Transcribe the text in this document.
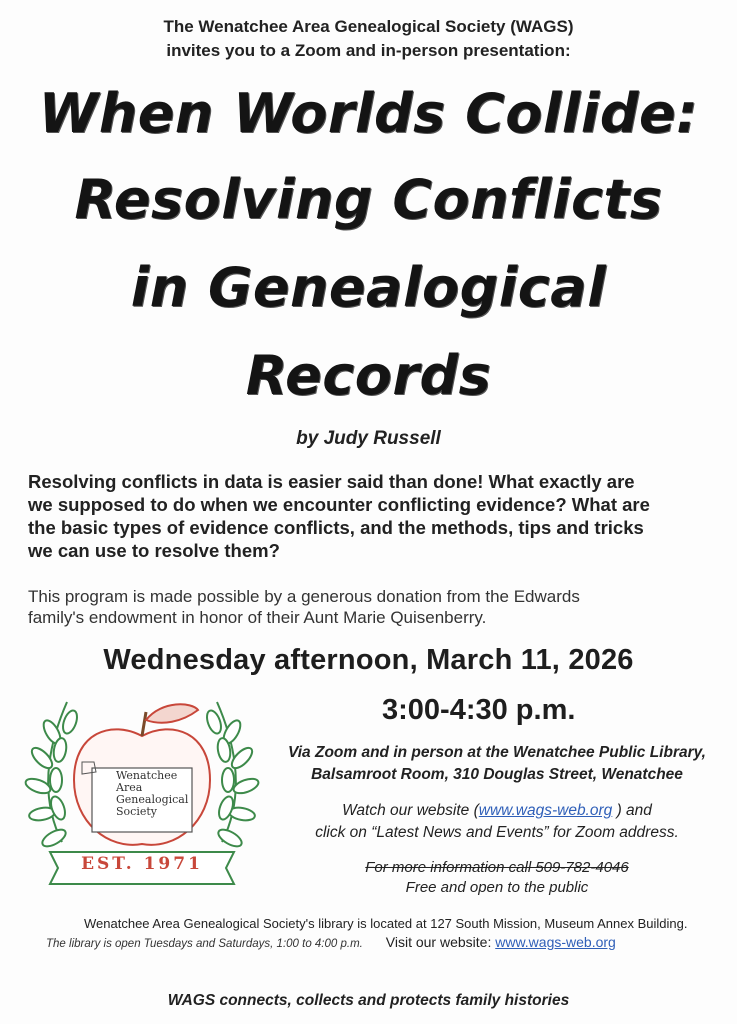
The Wenatchee Area Genealogical Society (WAGS)
invites you to a Zoom and in-person presentation:
When Worlds Collide:
Resolving Conflicts
in Genealogical
Records
by Judy Russell
Resolving conflicts in data is easier said than done! What exactly are
we supposed to do when we encounter conflicting evidence? What are
the basic types of evidence conflicts, and the methods, tips and tricks
we can use to resolve them?
This program is made possible by a generous donation from the Edwards
family's endowment in honor of their Aunt Marie Quisenberry.
Wednesday afternoon, March 11, 2026
3:00-4:30 p.m.
Wenatchee
Area
Genealogical
Society
EST. 1971
Via Zoom and in person at the Wenatchee Public Library,
Balsamroot Room, 310 Douglas Street, Wenatchee
Watch our website (www.wags-web.org ) and
click on “Latest News and Events” for Zoom address.
For more information call 509-782-4046
Free and open to the public
Wenatchee Area Genealogical Society's library is located at 127 South Mission, Museum Annex Building.
The library is open Tuesdays and Saturdays, 1:00 to 4:00 p.m. Visit our website: www.wags-web.org
WAGS connects, collects and protects family histories
